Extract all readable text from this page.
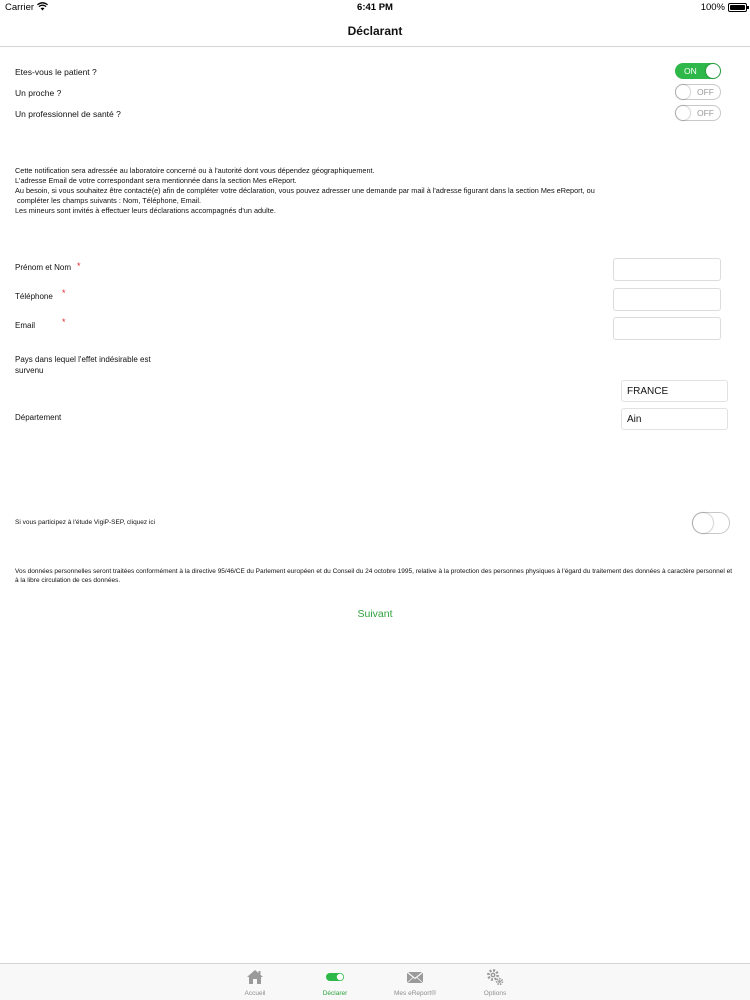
Carrier	6:41 PM	100%
Déclarant
Etes-vous le patient ?	ON
Un proche ?	OFF
Un professionnel de santé ?	OFF

Cette notification sera adressée au laboratoire concerné ou à l'autorité dont vous dépendez géographiquement.

L'adresse Email de votre correspondant sera mentionnée dans la section Mes eReport.

Au besoin, si vous souhaitez être contacté(e) afin de compléter votre déclaration, vous pouvez adresser une demande par mail à l'adresse figurant dans la section Mes eReport, ou

compléter les champs suivants : Nom, Téléphone, Email.

Les mineurs sont invités à effectuer leurs déclarations accompagnés d'un adulte.

Prénom et Nom *
Téléphone *
Email	*
Pays dans lequel l'effet indésirable est
survenu
FRANCE
Département	Ain
Si vous participez à l'étude VigiP-SEP, cliquez ici
Vos données personnelles seront traitées conformément à la directive 95/46/CE du Parlement européen et du Conseil du 24 octobre 1995, relative à la protection des personnes physiques à l'égard du traitement des données à caractère personnel et à la libre circulation de ces données.
Suivant
Accueil	Déclarer	Mes eReport®	Options
